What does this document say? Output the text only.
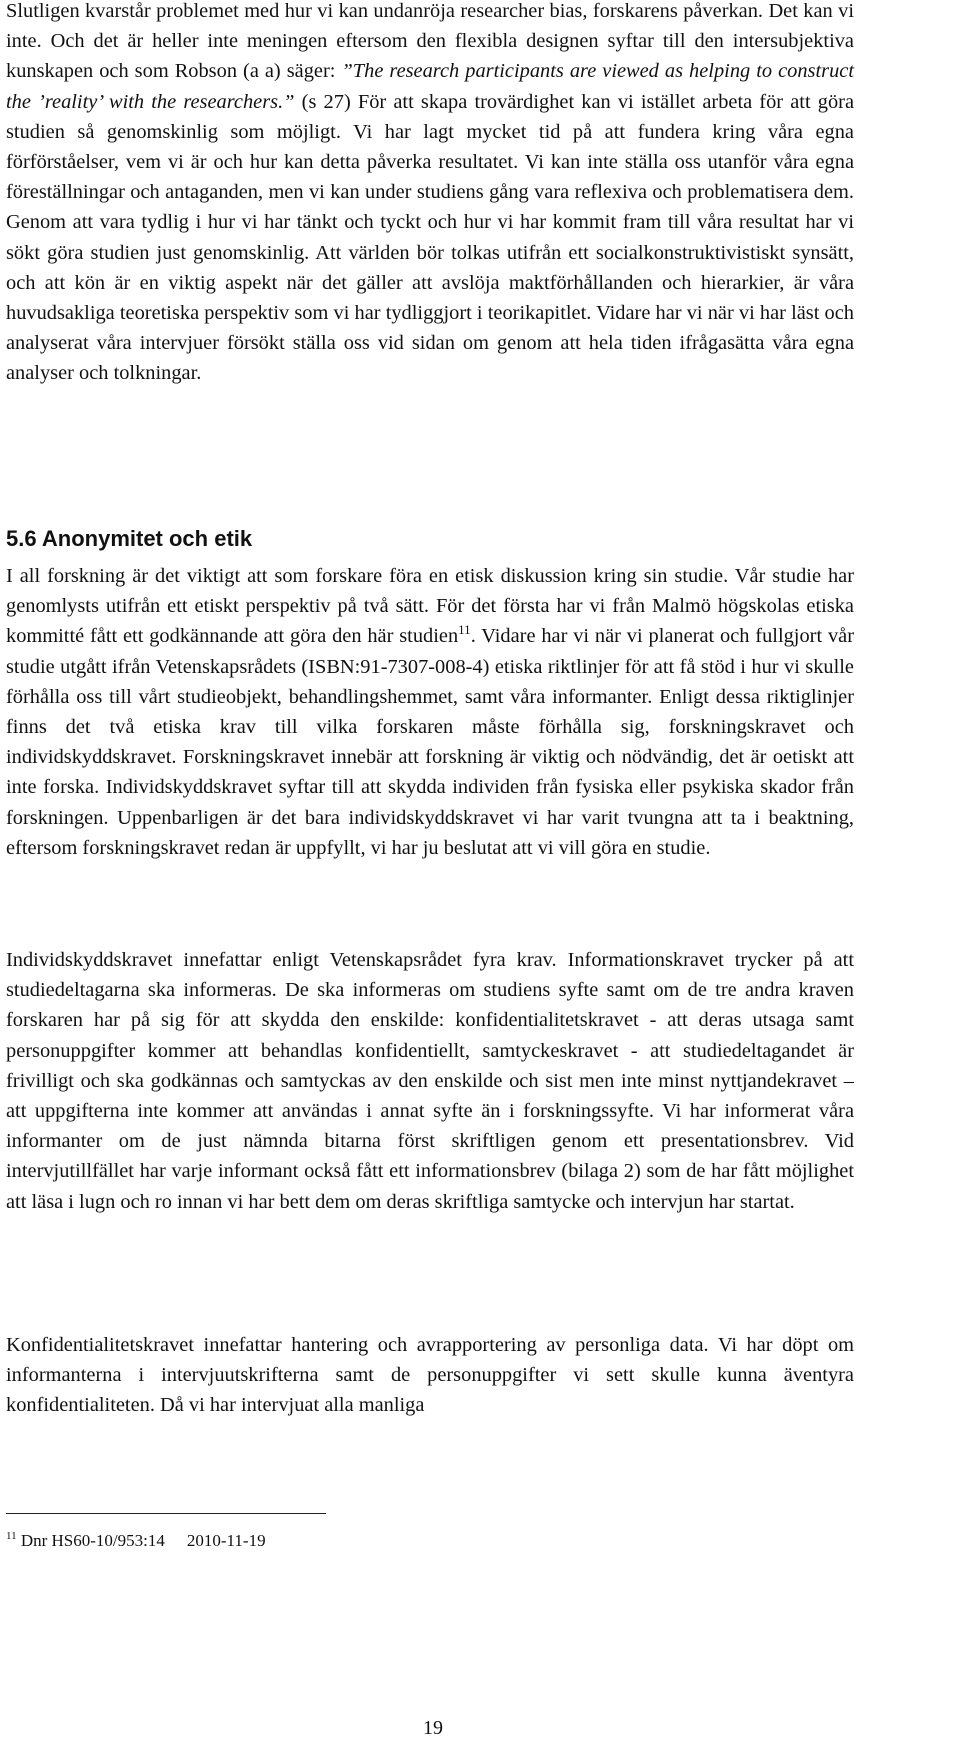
Slutligen kvarstår problemet med hur vi kan undanröja researcher bias, forskarens påverkan. Det kan vi inte. Och det är heller inte meningen eftersom den flexibla designen syftar till den intersubjektiva kunskapen och som Robson (a a) säger: ”The research participants are viewed as helping to construct the ’reality’ with the researchers.” (s 27) För att skapa trovärdighet kan vi istället arbeta för att göra studien så genomskinlig som möjligt. Vi har lagt mycket tid på att fundera kring våra egna förförståelser, vem vi är och hur kan detta påverka resultatet. Vi kan inte ställa oss utanför våra egna föreställningar och antaganden, men vi kan under studiens gång vara reflexiva och problematisera dem. Genom att vara tydlig i hur vi har tänkt och tyckt och hur vi har kommit fram till våra resultat har vi sökt göra studien just genomskinlig. Att världen bör tolkas utifrån ett socialkonstruktivistiskt synsätt, och att kön är en viktig aspekt när det gäller att avslöja maktförhållanden och hierarkier, är våra huvudsakliga teoretiska perspektiv som vi har tydliggjort i teorikapitlet. Vidare har vi när vi har läst och analyserat våra intervjuer försökt ställa oss vid sidan om genom att hela tiden ifrågasätta våra egna analyser och tolkningar.

5.6 Anonymitet och etik

I all forskning är det viktigt att som forskare föra en etisk diskussion kring sin studie. Vår studie har genomlysts utifrån ett etiskt perspektiv på två sätt. För det första har vi från Malmö högskolas etiska kommitté fått ett godkännande att göra den här studien$^{11}$. Vidare har vi när vi planerat och fullgjort vår studie utgått ifrån Vetenskapsrådets (ISBN:91-7307-008-4) etiska riktlinjer för att få stöd i hur vi skulle förhålla oss till vårt studieobjekt, behandlingshemmet, samt våra informanter. Enligt dessa riktiglinjer finns det två etiska krav till vilka forskaren måste förhålla sig, forskningskravet och individskyddskravet. Forskningskravet innebär att forskning är viktig och nödvändig, det är oetiskt att inte forska. Individskyddskravet syftar till att skydda individen från fysiska eller psykiska skador från forskningen. Uppenbarligen är det bara individskyddskravet vi har varit tvungna att ta i beaktning, eftersom forskningskravet redan är uppfyllt, vi har ju beslutat att vi vill göra en studie.

Individskyddskravet innefattar enligt Vetenskapsrådet fyra krav. Informationskravet trycker på att studiedeltagarna ska informeras. De ska informeras om studiens syfte samt om de tre andra kraven forskaren har på sig för att skydda den enskilde: konfidentialitetskravet - att deras utsaga samt personuppgifter kommer att behandlas konfidentiellt, samtyckeskravet - att studiedeltagandet är frivilligt och ska godkännas och samtyckas av den enskilde och sist men inte minst nyttjandekravet – att uppgifterna inte kommer att användas i annat syfte än i forskningssyfte. Vi har informerat våra informanter om de just nämnda bitarna först skriftligen genom ett presentationsbrev. Vid intervjutillfället har varje informant också fått ett informationsbrev (bilaga 2) som de har fått möjlighet att läsa i lugn och ro innan vi har bett dem om deras skriftliga samtycke och intervjun har startat.

Konfidentialitetskravet innefattar hantering och avrapportering av personliga data. Vi har döpt om informanterna i intervjuutskrifterna samt de personuppgifter vi sett skulle kunna äventyra konfidentialiteten. Då vi har intervjuat alla manliga

$^{11}$ Dnr HS60-10/953:14 2010-11-19

19
